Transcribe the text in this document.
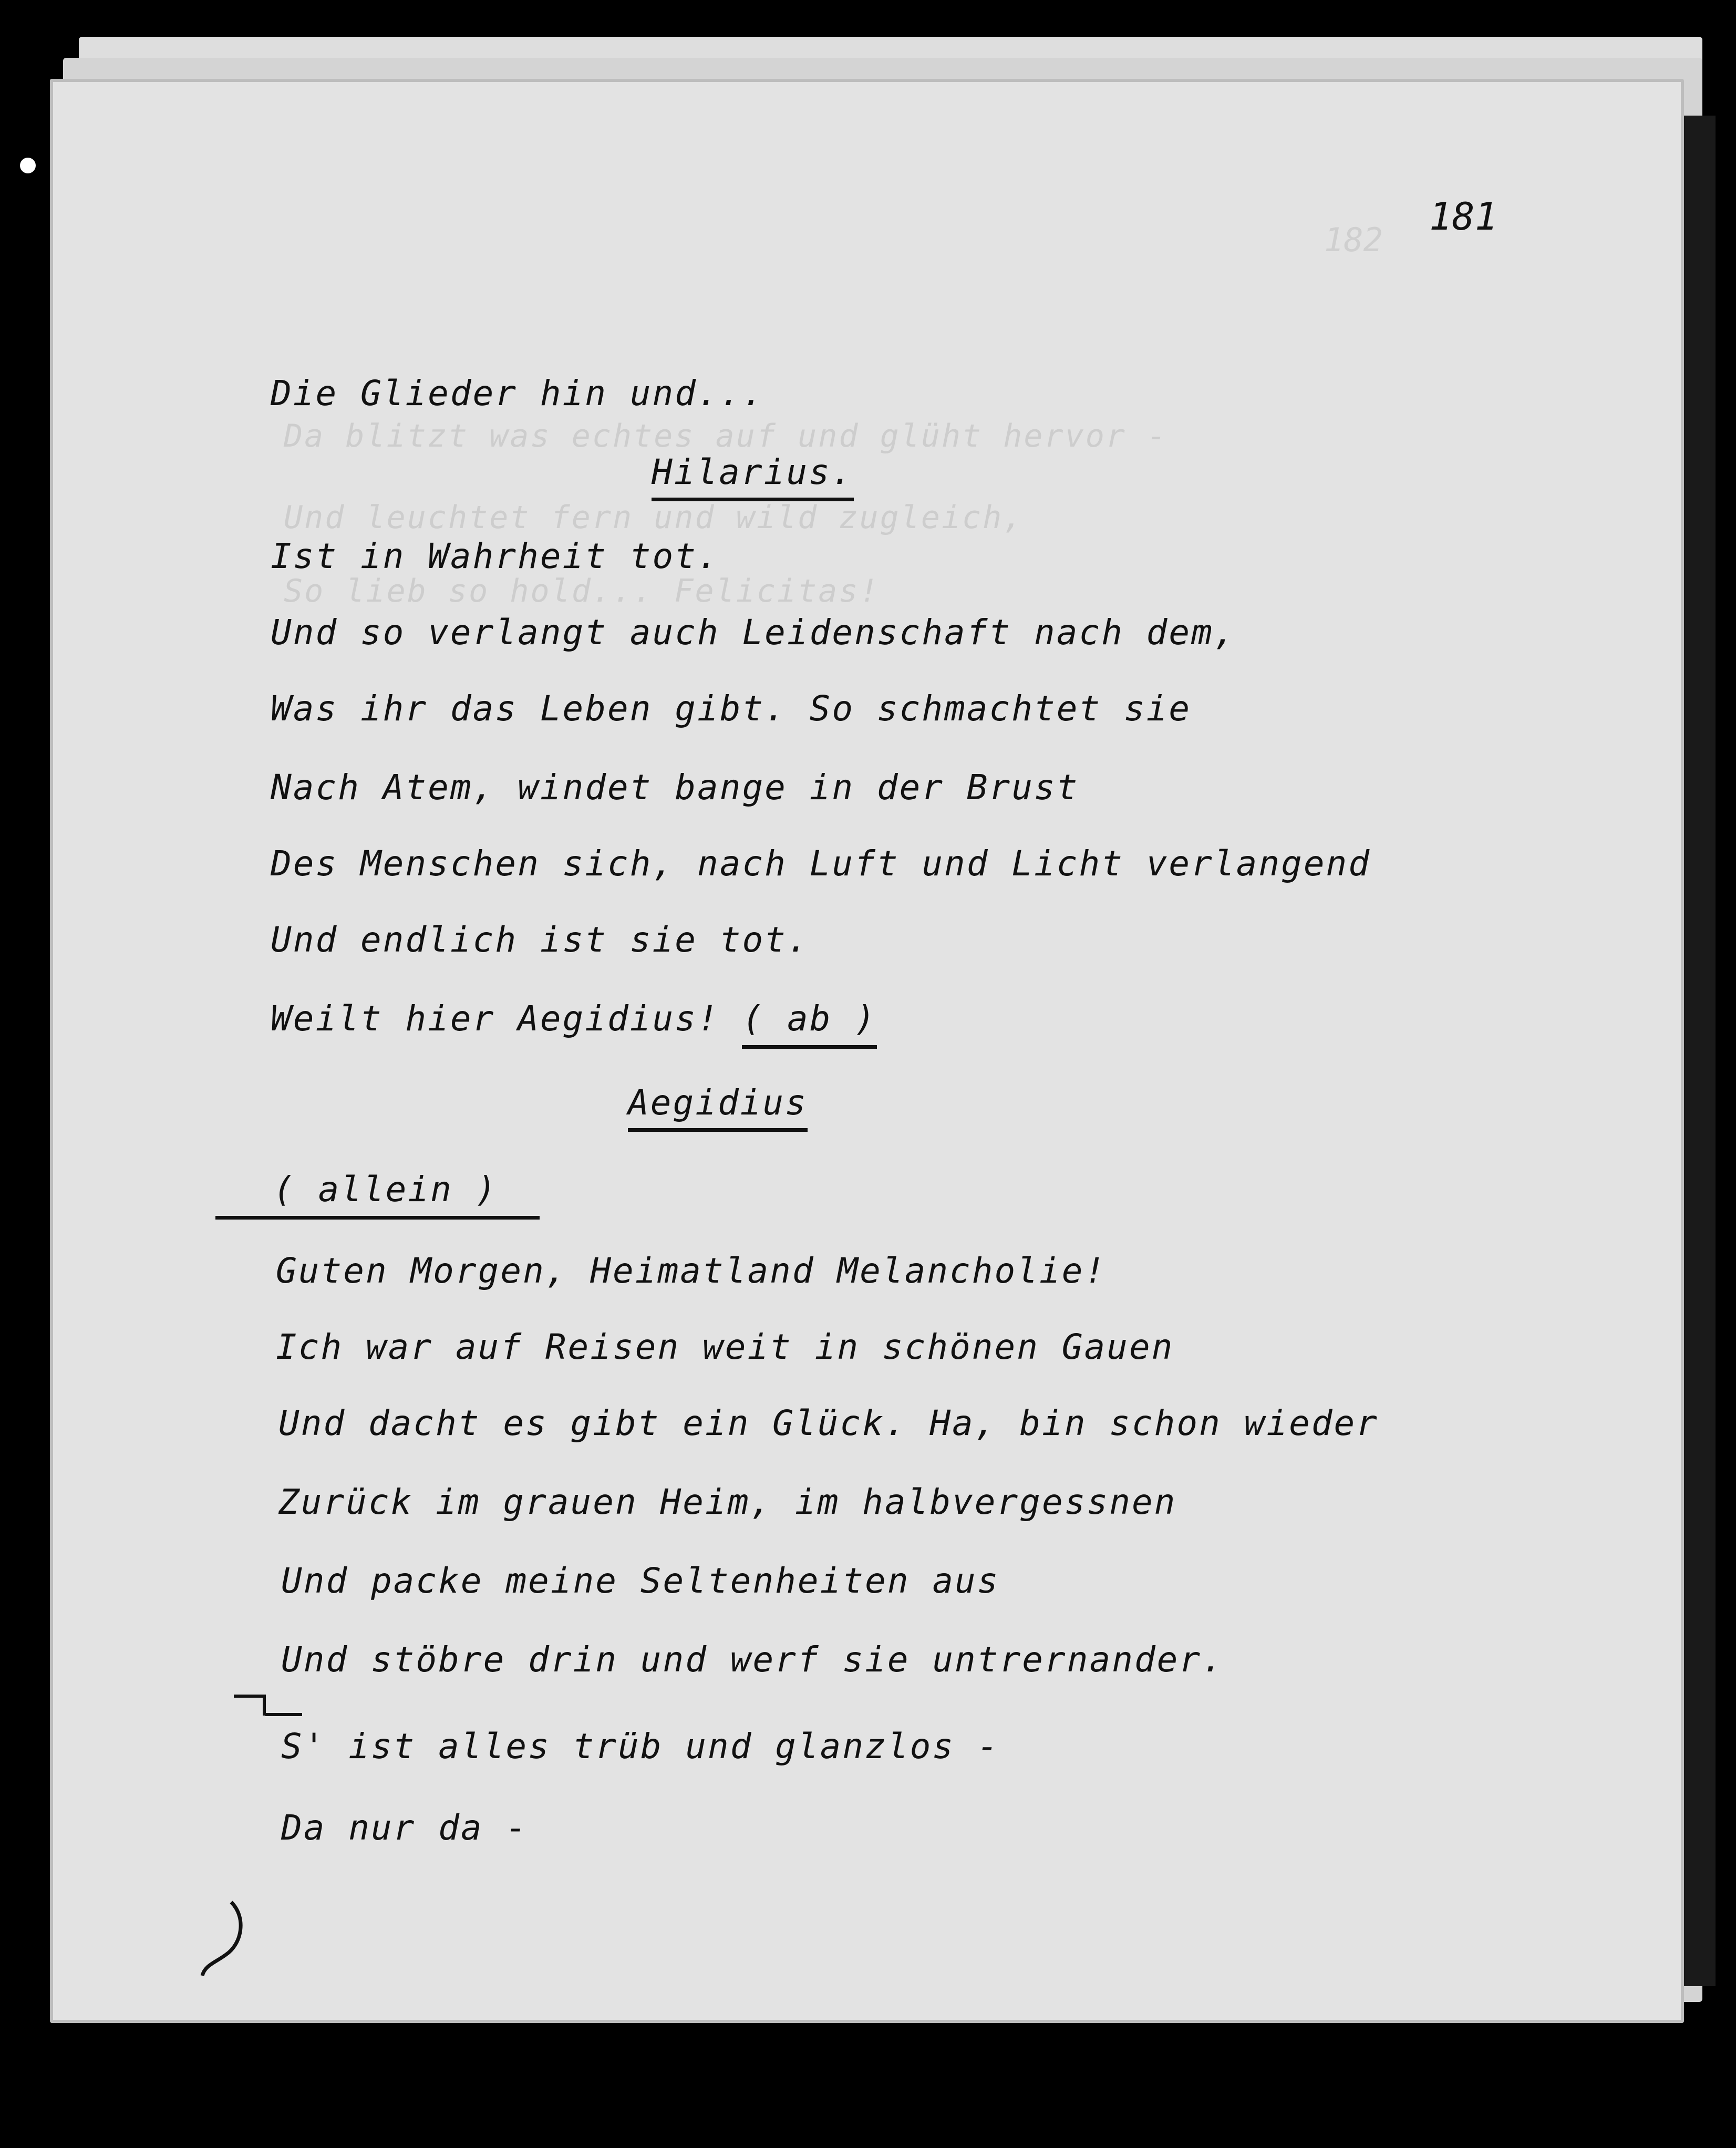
182
181
Da blitzt was echtes auf und glüht hervor -
Und leuchtet fern und wild zugleich,
So lieb so hold... Felicitas!
Die Glieder hin und...
Hilarius.
Ist in Wahrheit tot.
Und so verlangt auch Leidenschaft nach dem,
Was ihr das Leben gibt. So schmachtet sie
Nach Atem, windet bange in der Brust
Des Menschen sich, nach Luft und Licht verlangend
Und endlich ist sie tot.
Weilt hier Aegidius! ( ab )
Aegidius
( allein )
Guten Morgen, Heimatland Melancholie!
Ich war auf Reisen weit in schönen Gauen
Und dacht es gibt ein Glück. Ha, bin schon wieder
Zurück im grauen Heim, im halbvergessnen
Und packe meine Seltenheiten aus
Und stöbre drin und werf sie untrernander.
S' ist alles trüb und glanzlos -
Da nur da -
